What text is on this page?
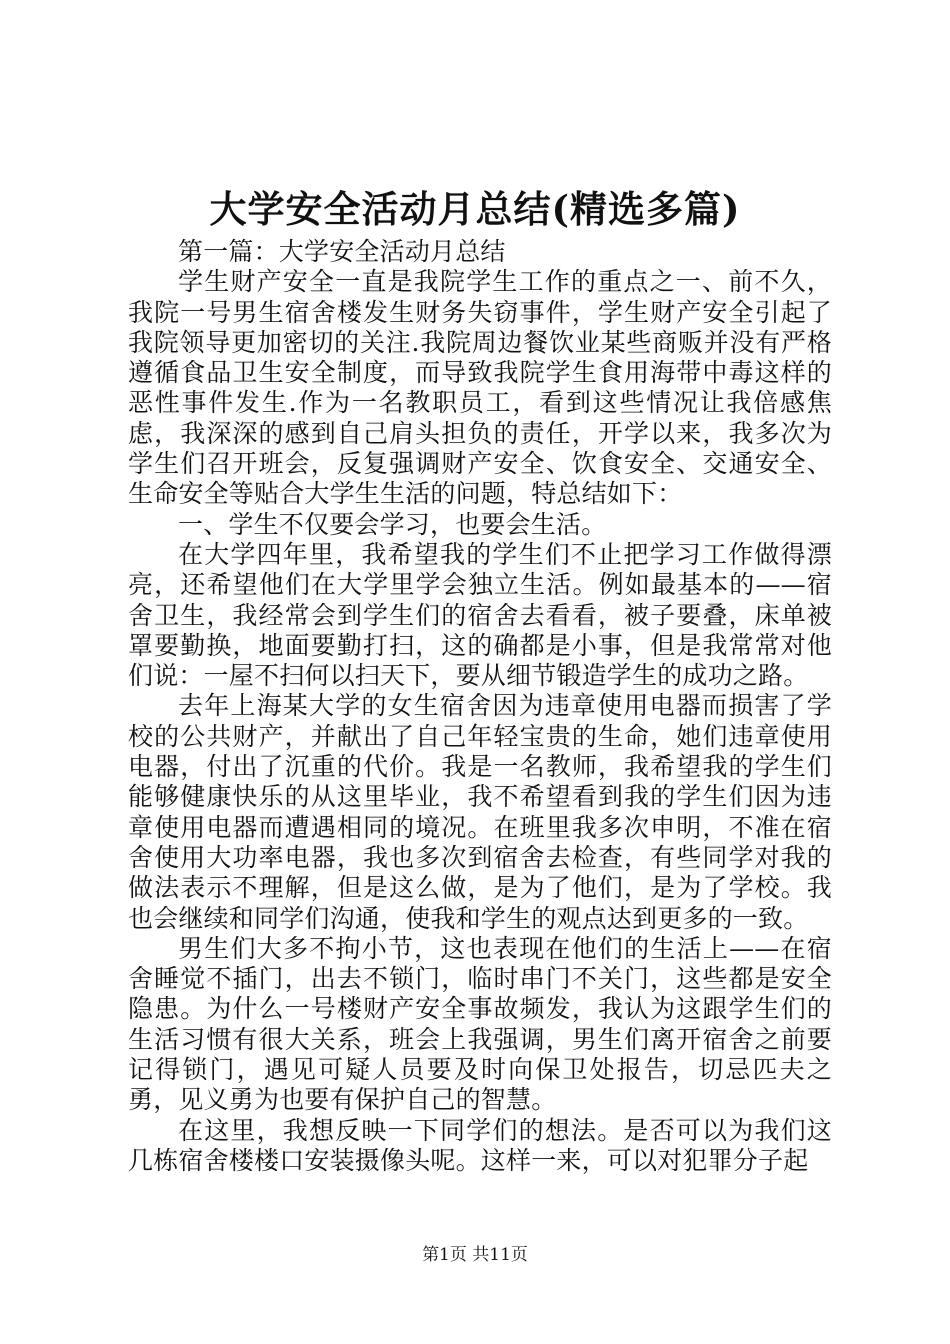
大学安全活动月总结(精选多篇)

第一篇：大学安全活动月总结

学生财产安全一直是我院学生工作的重点之一、前不久，我院一号男生宿舍楼发生财务失窃事件，学生财产安全引起了我院领导更加密切的关注.我院周边餐饮业某些商贩并没有严格遵循食品卫生安全制度，而导致我院学生食用海带中毒这样的恶性事件发生.作为一名教职员工，看到这些情况让我倍感焦虑，我深深的感到自己肩头担负的责任，开学以来，我多次为学生们召开班会，反复强调财产安全、饮食安全、交通安全、生命安全等贴合大学生生活的问题，特总结如下：

一、学生不仅要会学习，也要会生活。

在大学四年里，我希望我的学生们不止把学习工作做得漂亮，还希望他们在大学里学会独立生活。例如最基本的——宿舍卫生，我经常会到学生们的宿舍去看看，被子要叠，床单被罩要勤换，地面要勤打扫，这的确都是小事，但是我常常对他们说：一屋不扫何以扫天下，要从细节锻造学生的成功之路。

去年上海某大学的女生宿舍因为违章使用电器而损害了学校的公共财产，并献出了自己年轻宝贵的生命，她们违章使用电器，付出了沉重的代价。我是一名教师，我希望我的学生们能够健康快乐的从这里毕业，我不希望看到我的学生们因为违章使用电器而遭遇相同的境况。在班里我多次申明，不准在宿舍使用大功率电器，我也多次到宿舍去检查，有些同学对我的做法表示不理解，但是这么做，是为了他们，是为了学校。我也会继续和同学们沟通，使我和学生的观点达到更多的一致。

男生们大多不拘小节，这也表现在他们的生活上——在宿舍睡觉不插门，出去不锁门，临时串门不关门，这些都是安全隐患。为什么一号楼财产安全事故频发，我认为这跟学生们的生活习惯有很大关系，班会上我强调，男生们离开宿舍之前要记得锁门，遇见可疑人员要及时向保卫处报告，切忌匹夫之勇，见义勇为也要有保护自己的智慧。

在这里，我想反映一下同学们的想法。是否可以为我们这几栋宿舍楼楼口安装摄像头呢。这样一来，可以对犯罪分子起

第1页 共11页
